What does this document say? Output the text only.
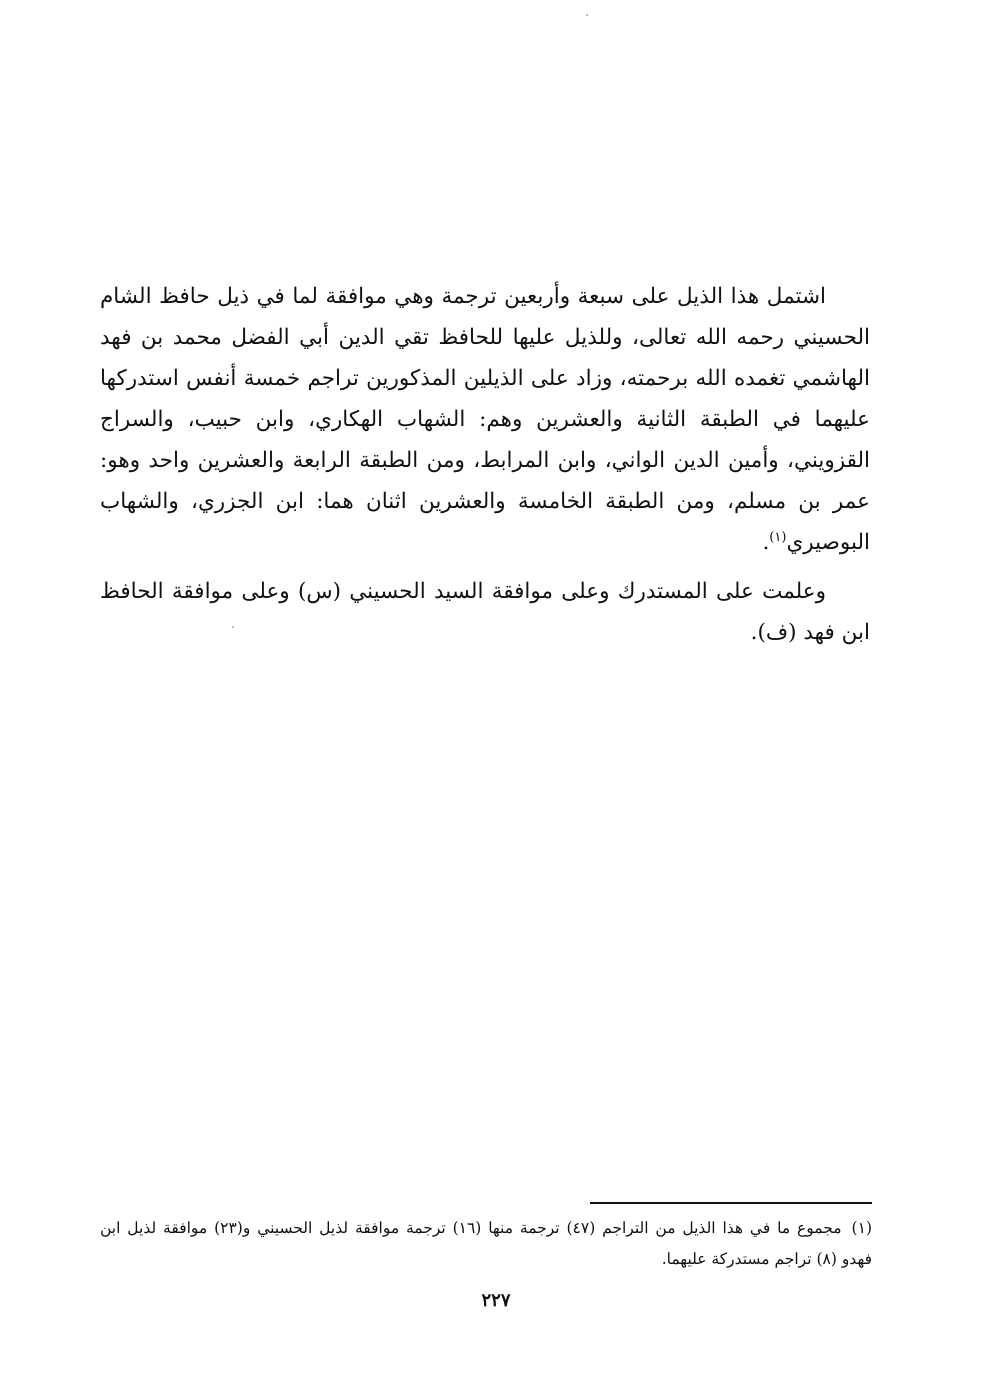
اشتمل هذا الذيل على سبعة وأربعين ترجمة وهي موافقة لما في ذيل حافظ الشام الحسيني رحمه الله تعالى، وللذيل عليها للحافظ تقي الدين أبي الفضل محمد بن فهد الهاشمي تغمده الله برحمته، وزاد على الذيلين المذكورين تراجم خمسة أنفس استدركها عليهما في الطبقة الثانية والعشرين وهم: الشهاب الهكاري، وابن حبيب، والسراج القزويني، وأمين الدين الواني، وابن المرابط، ومن الطبقة الرابعة والعشرين واحد وهو: عمر بن مسلم، ومن الطبقة الخامسة والعشرين اثنان هما: ابن الجزري، والشهاب البوصيري$^{(١)}$.

وعلمت على المستدرك وعلى موافقة السيد الحسيني (س) وعلى موافقة الحافظ ابن فهد (ف).

(١)مجموع ما في هذا الذيل من التراجم (٤٧) ترجمة منها (١٦) ترجمة موافقة لذيل الحسيني و(٢٣) موافقة لذيل ابن فهدو (٨) تراجم مستدركة عليهما.

٢٢٧
